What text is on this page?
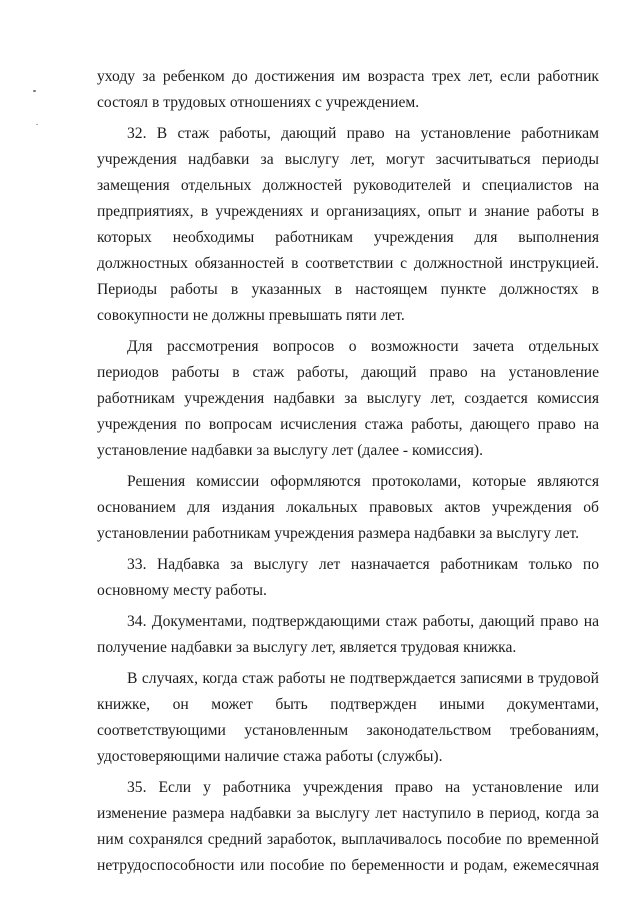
уходу за ребенком до достижения им возраста трех лет, если работник состоял в трудовых отношениях с учреждением.

32. В стаж работы, дающий право на установление работникам учреждения надбавки за выслугу лет, могут засчитываться периоды замещения отдельных должностей руководителей и специалистов на предприятиях, в учреждениях и организациях, опыт и знание работы в которых необходимы работникам учреждения для выполнения должностных обязанностей в соответствии с должностной инструкцией. Периоды работы в указанных в настоящем пункте должностях в совокупности не должны превышать пяти лет.

Для рассмотрения вопросов о возможности зачета отдельных периодов работы в стаж работы, дающий право на установление работникам учреждения надбавки за выслугу лет, создается комиссия учреждения по вопросам исчисления стажа работы, дающего право на установление надбавки за выслугу лет (далее - комиссия).

Решения комиссии оформляются протоколами, которые являются основанием для издания локальных правовых актов учреждения об установлении работникам учреждения размера надбавки за выслугу лет.

33. Надбавка за выслугу лет назначается работникам только по основному месту работы.

34. Документами, подтверждающими стаж работы, дающий право на получение надбавки за выслугу лет, является трудовая книжка.

В случаях, когда стаж работы не подтверждается записями в трудовой книжке, он может быть подтвержден иными документами, соответствующими установленным законодательством требованиям, удостоверяющими наличие стажа работы (службы).

35. Если у работника учреждения право на установление или изменение размера надбавки за выслугу лет наступило в период, когда за ним сохранялся средний заработок, выплачивалось пособие по временной нетрудоспособности или пособие по беременности и родам, ежемесячная
